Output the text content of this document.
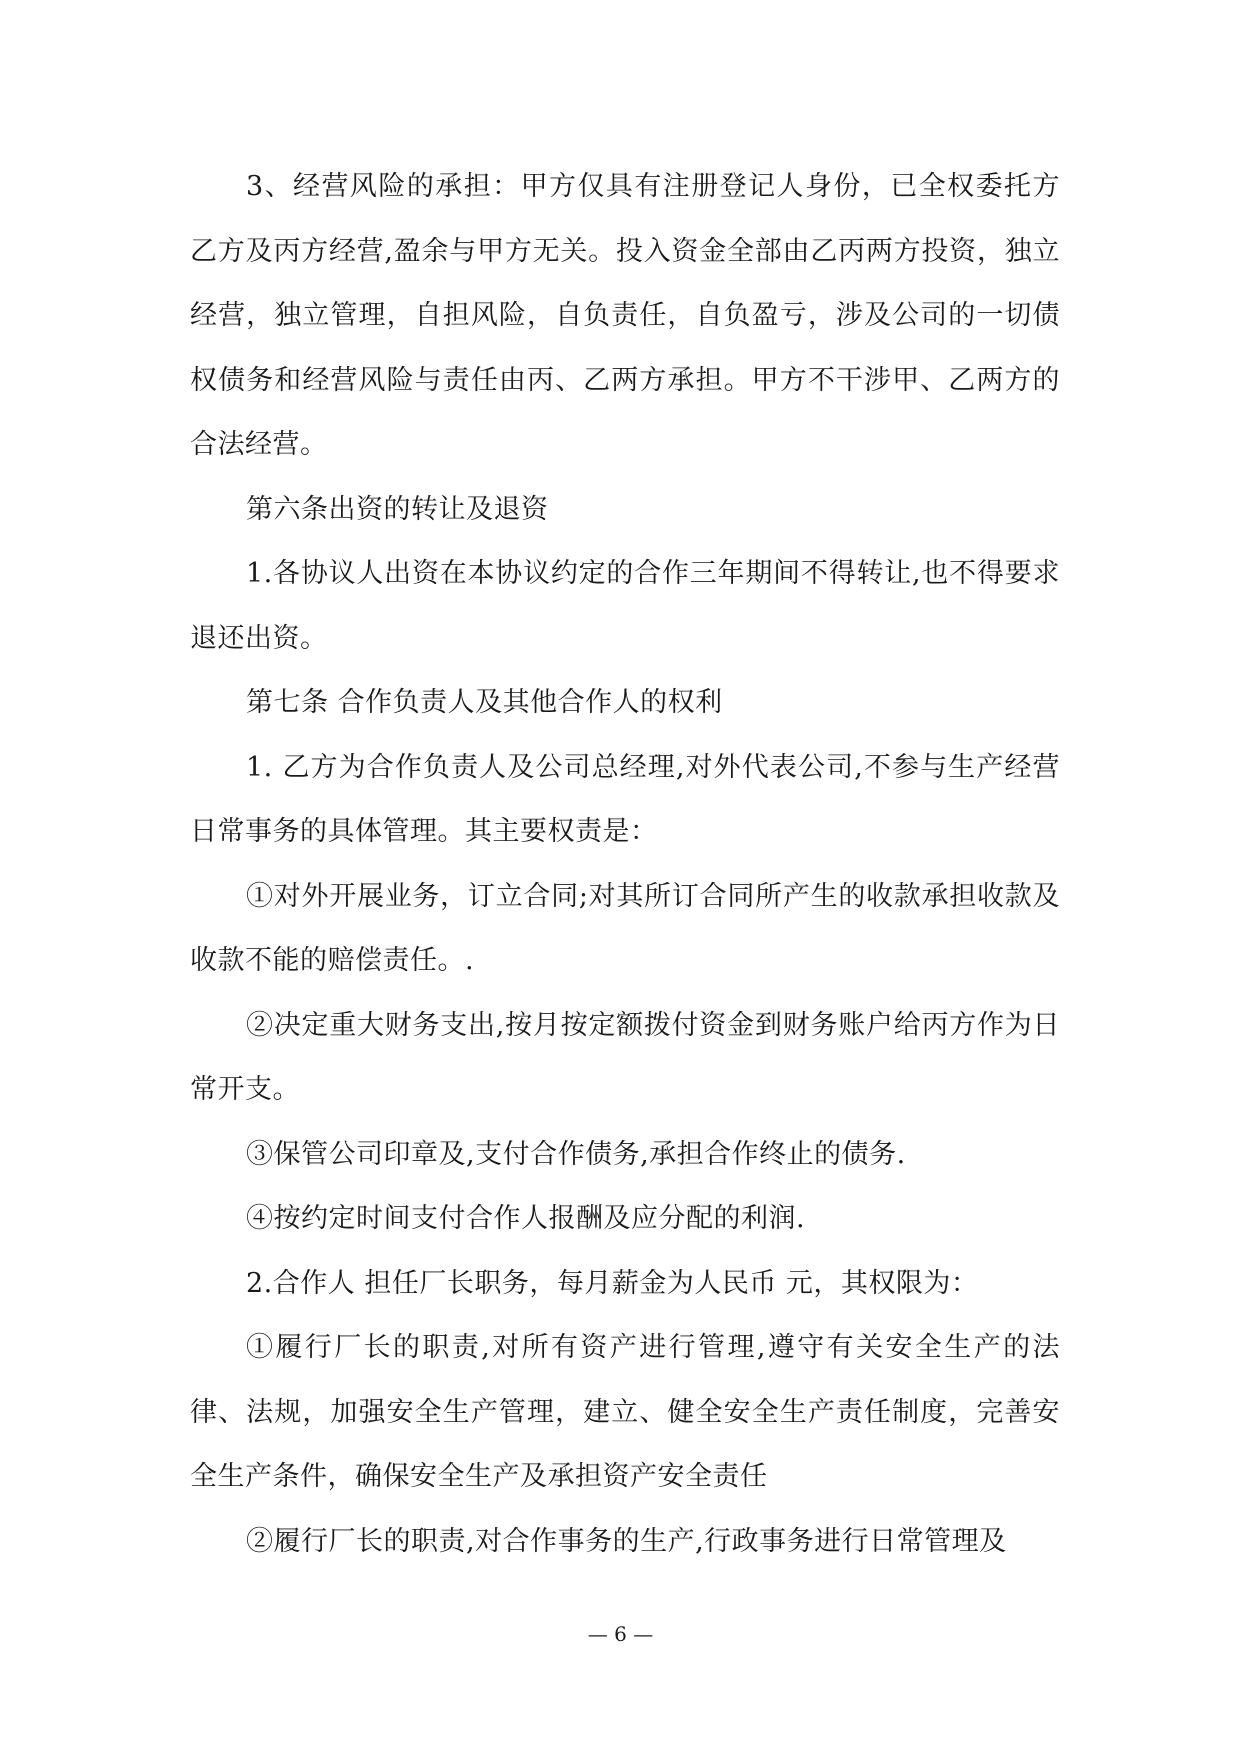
3、经营风险的承担：甲方仅具有注册登记人身份，已全权委托方乙方及丙方经营,盈余与甲方无关。投入资金全部由乙丙两方投资，独立经营，独立管理，自担风险，自负责任，自负盈亏，涉及公司的一切债权债务和经营风险与责任由丙、乙两方承担。甲方不干涉甲、乙两方的合法经营。

第六条出资的转让及退资

1.各协议人出资在本协议约定的合作三年期间不得转让,也不得要求退还出资。

第七条 合作负责人及其他合作人的权利

1. 乙方为合作负责人及公司总经理,对外代表公司,不参与生产经营日常事务的具体管理。其主要权责是：

①对外开展业务，订立合同;对其所订合同所产生的收款承担收款及收款不能的赔偿责任。.

②决定重大财务支出,按月按定额拨付资金到财务账户给丙方作为日常开支。

③保管公司印章及,支付合作债务,承担合作终止的债务.

④按约定时间支付合作人报酬及应分配的利润.

2.合作人 担任厂长职务，每月薪金为人民币 元，其权限为：

①履行厂长的职责,对所有资产进行管理,遵守有关安全生产的法律、法规，加强安全生产管理，建立、健全安全生产责任制度，完善安全生产条件，确保安全生产及承担资产安全责任

②履行厂长的职责,对合作事务的生产,行政事务进行日常管理及

— 6 —
